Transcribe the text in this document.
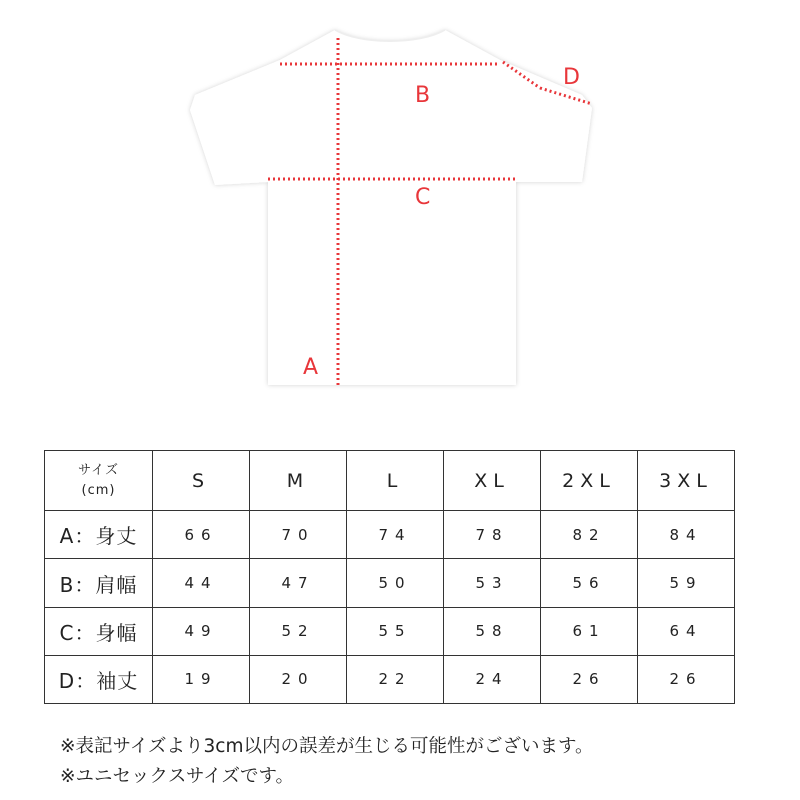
A
B
C
D
サイズ
(cm)	S	M	L	XL	2XL	3XL
A：身丈	66	70	74	78	82	84
B：肩幅	44	47	50	53	56	59
C：身幅	49	52	55	58	61	64
D：袖丈	19	20	22	24	26	26
※表記サイズより3cm以内の誤差が生じる可能性がございます。
※ユニセックスサイズです。
